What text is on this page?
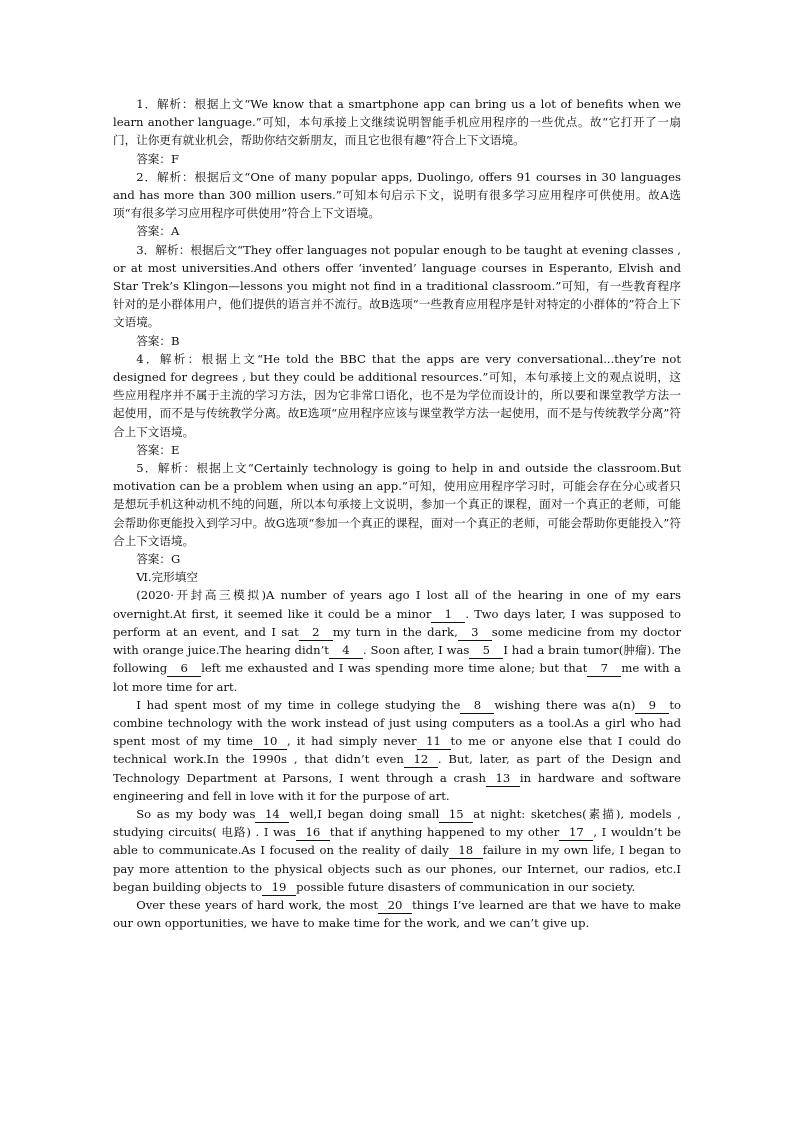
1．解析：根据上文“We know that a smartphone app can bring us a lot of benefits when we learn another language.”可知，本句承接上文继续说明智能手机应用程序的一些优点。故“它打开了一扇门，让你更有就业机会，帮助你结交新朋友，而且它也很有趣”符合上下文语境。

答案：F

2．解析：根据后文“One of many popular apps, Duolingo, offers 91 courses in 30 languages and has more than 300 million users.”可知本句启示下文，说明有很多学习应用程序可供使用。故A选项“有很多学习应用程序可供使用”符合上下文语境。

答案：A

3．解析：根据后文“They offer languages not popular enough to be taught at evening classes , or at most universities.And others offer ‘invented’ language courses in Esperanto, Elvish and Star Trek’s Klingon—lessons you might not find in a traditional classroom.”可知，有一些教育程序针对的是小群体用户，他们提供的语言并不流行。故B选项“一些教育应用程序是针对特定的小群体的”符合上下文语境。

答案：B

4．解析：根据上文“He told the BBC that the apps are very conversational...they’re not designed for degrees , but they could be additional resources.”可知，本句承接上文的观点说明，这些应用程序并不属于主流的学习方法，因为它非常口语化，也不是为学位而设计的，所以要和课堂教学方法一起使用，而不是与传统教学分离。故E选项“应用程序应该与课堂教学方法一起使用，而不是与传统教学分离”符合上下文语境。

答案：E

5．解析：根据上文“Certainly technology is going to help in and outside the classroom.But motivation can be a problem when using an app.”可知，使用应用程序学习时，可能会存在分心或者只是想玩手机这种动机不纯的问题，所以本句承接上文说明，参加一个真正的课程，面对一个真正的老师，可能会帮助你更能投入到学习中。故G选项“参加一个真正的课程，面对一个真正的老师，可能会帮助你更能投入”符合上下文语境。

答案：G

Ⅵ.完形填空

(2020·开封高三模拟)A number of years ago I lost all of the hearing in one of my ears overnight.At first, it seemed like it could be a minor 1 . Two days later, I was supposed to perform at an event, and I sat 2 my turn in the dark, 3 some medicine from my doctor with orange juice.The hearing didn’t 4 . Soon after, I was 5 I had a brain tumor(肿瘤). The following 6 left me exhausted and I was spending more time alone; but that 7 me with a lot more time for art.

I had spent most of my time in college studying the 8 wishing there was a(n) 9 to combine technology with the work instead of just using computers as a tool.As a girl who had spent most of my time 10 , it had simply never 11 to me or anyone else that I could do technical work.In the 1990s , that didn’t even 12 . But, later, as part of the Design and Technology Department at Parsons, I went through a crash 13 in hardware and software engineering and fell in love with it for the purpose of art.

So as my body was 14 well,I began doing small 15 at night: sketches(素描), models , studying circuits( 电路) . I was 16 that if anything happened to my other 17 , I wouldn’t be able to communicate.As I focused on the reality of daily 18 failure in my own life, I began to pay more attention to the physical objects such as our phones, our Internet, our radios, etc.I began building objects to 19 possible future disasters of communication in our society.

Over these years of hard work, the most 20 things I’ve learned are that we have to make our own opportunities, we have to make time for the work, and we can’t give up.
